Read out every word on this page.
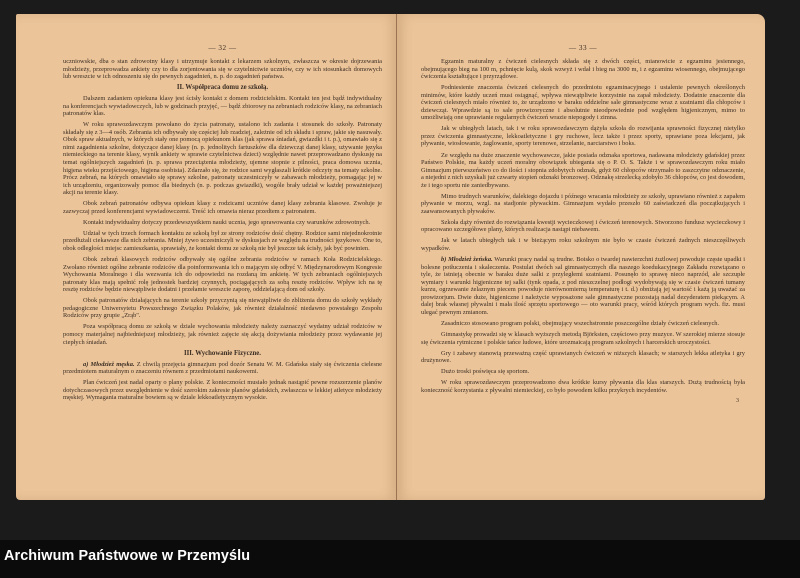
— 32 —

uczniowskie, dba o stan zdrowotny klasy i utrzymuje kontakt z lekarzem szkolnym, zwłaszcza w okresie dojrzewania młodzieży, przeprowadza ankiety czy to dla zorjentowania się w czytelnictwie uczniów, czy w ich stosunkach domowych lub wreszcie w ich odnoszeniu się do pewnych zagadnień, n. p. do zagadnień państwa.

II. Współpraca domu ze szkołą.

Dalszem zadaniem opiekuna klasy jest ścisły kontakt z domem rodzicielskim. Kontakt ten jest bądź indywidualny na konferencjach wywiadowczych, lub w godzinach przyjęć, — bądź zbiorowy na zebraniach rodziców klasy, na zebraniach patronatów klas.

W roku sprawozdawczym powołano do życia patronaty, ustalono ich zadania i stosunek do szkoły. Patronaty składały się z 3—4 osób. Zebrania ich odbywały się częściej lub rzadziej, zależnie od ich składu i spraw, jakie się nasuwały. Obok spraw aktualnych, w których stały one pomocą opiekunom klas (jak sprawa śniadań, gwiazdki i t. p.), omawiało się z nimi zagadnienia szkolne, dotyczące danej klasy (n. p. jednolitych fartuszków dla dziewcząt danej klasy, używanie języka niemieckiego na terenie klasy, wynik ankiety w sprawie czytelnictwa dzieci) względnie nawet przeprowadzano dyskusję na temat ogólniejszych zagadnień (n. p. sprawa przeciążenia młodzieży, ujemne stopnie z pilności, praca domowa ucznia, higjena wieku przejściowego, higjena osobista). Zdarzało się, że rodzice sami wygłaszali krótkie odczyty na tematy szkolne. Prócz zebrań, na których omawiało się sprawy szkolne, patronaty uczestniczyły w zabawach młodzieży, pomagając jej w ich urządzeniu, organizowały pomoc dla biednych (n. p. podczas gwiazdki), wogóle brały udział w każdej poważniejszej akcji na terenie klasy.

Obok zebrań patronatów odbywa opiekun klasy z rodzicami uczniów danej klasy zebrania klasowe. Zwołuje je zazwyczaj przed konferencjami wywiadowczemi. Treść ich omawia nieraz przedtem z patronatem.

Kontakt indywidualny dotyczy przedewszystkiem nauki ucznia, jego sprawowania czy warunków zdrowotnych.

Udział w tych trzech formach kontaktu ze szkołą był ze strony rodziców dość chętny. Rodzice sami niejednokrotnie przedłużali ciekawsze dla nich zebrania. Mniej żywo uczestniczyli w dyskusjach ze względu na trudności językowe. One to, obok odległości miejsc zamieszkania, sprawiały, że kontakt domu ze szkołą nie był jeszcze tak ścisły, jak być powinien.

Obok zebrań klasowych rodziców odbywały się ogólne zebrania rodziców w ramach Koła Rodzicielskiego. Zwołano również ogólne zebranie rodziców dla poinformowania ich o mającym się odbyć V. Międzynarodowym Kongresie Wychowania Moralnego i dla wezwania ich do odpowiedzi na rozdaną im ankietę. W tych zebraniach ogólniejszych patronaty klas mają spełnić rolę jednostek bardziej czynnych, pociągających za sobą resztę rodziców. Wpływ ich na tę resztę rodziców będzie niewątpliwie dodatni i przełamie wreszcie zaporę, oddzielającą dom od szkoły.

Obok patronatów działających na terenie szkoły przyczynią się niewątpliwie do zbliżenia domu do szkoły wykłady pedagogiczne Uniwersytetu Powszechnego Związku Polaków, jak również działalność niedawno powstałego Zespołu Rodziców przy grupie „Zrąb".

Poza współpracą domu ze szkołą w dziale wychowania młodzieży należy zaznaczyć wydatny udział rodziców w pomocy materjalnej najbiedniejszej młodzieży, jak również zajęcie się akcją dożywiania młodzieży przez wydawanie jej ciepłych śniadań.

III. Wychowanie Fizyczne.

a) Młodzież męska. Z chwilą przejęcia gimnazjum pod dozór Senatu W. M. Gdańska stały się ćwiczenia cielesne przedmiotem maturalnym o znaczeniu równem z przedmiotami naukowemi.

Plan ćwiczeń jest nadal oparty o plany polskie. Z konieczności musiało jednak nastąpić pewne rozszerzenie planów dotychczasowych przez uwzględnienie w dość szerokim zakresie planów gdańskich, zwłaszcza w lekkiej atletyce młodzieży męskiej. Wymagania maturalne bowiem są w dziale lekkoatletycznym wysokie.

— 33 —

Egzamin maturalny z ćwiczeń cielesnych składa się z dwóch części, mianowicie z egzaminu jesiennego, obejmującego bieg na 100 m, pchnięcie kulą, skok wzwyż i wdał i bieg na 3000 m, i z egzaminu wiosennego, obejmującego ćwiczenia kształtujące i przyrządowe.

Podniesienie znaczenia ćwiczeń cielesnych do przedmiotu egzaminacyjnego i ustalenie pewnych określonych minimów, które każdy uczeń musi osiągnąć, wpływa niewątpliwie korzystnie na zapał młodzieży. Dodatnie znaczenie dla ćwiczeń cielesnych miało również to, że urządzono w baraku oddzielne sale gimnastyczne wraz z szatniami dla chłopców i dziewcząt. Wprawdzie są to sale prowizoryczne i absolutnie nieodpowiednie pod względem higjenicznym, mimo to umożliwiają one uprawianie regularnych ćwiczeń wrazie niepogody i zimna.

Jak w ubiegłych latach, tak i w roku sprawozdawczym dążyła szkoła do rozwijania sprawności fizycznej nietylko przez ćwiczenia gimnastyczne, lekkoatletyczne i gry ruchowe, lecz także i przez sporty, uprawiane poza lekcjami, jak pływanie, wiosłowanie, żaglowanie, sporty terenowe, strzelanie, narciarstwo i boks.

Ze względu na duże znaczenie wychowawcze, jakie posiada odznaka sportowa, nadawana młodzieży gdańskiej przez Państwo Polskie, ma każdy uczeń moralny obowiązek ubiegania się o P. O. S. Także i w sprawozdawczym roku miało Gimnazjum pierwszeństwo co do ilości i stopnia zdobytych odznak, gdyż 60 chłopców otrzymało to zaszczytne odznaczenie, a niejedni z nich uzyskali już czwarty stopień odznaki bronzowej. Odznakę strzelecką zdobyło 36 chłopców, co jest dowodem, że i tego sportu nie zaniedbywano.

Mimo trudnych warunków, dalekiego dojazdu i późnego wracania młodzieży ze szkoły, uprawiano również z zapałem pływanie w morzu, wzgl. na stadjonie pływackim. Gimnazjum wydało przeszło 60 zaświadczeń dla początkujących i zaawansowanych pływaków.

Szkoła dąży również do rozwiązania kwestji wycieczkowej i ćwiczeń terenowych. Stworzono fundusz wycieczkowy i opracowano szczegółowe plany, których realizacja nastąpi niebawem.

Jak w latach ubiegłych tak i w bieżącym roku szkolnym nie było w czasie ćwiczeń żadnych nieszczęśliwych wypadków.

b) Młodzież żeńska. Warunki pracy nadal są trudne. Boisko o twardej nawierzchni żużlowej powoduje częste upadki i bolesne potłuczenia i skaleczenia. Postulat dwóch sal gimnastycznych dla naszego koedukacyjnego Zakładu rozwiązano o tyle, że istnieją obecnie w baraku duże salki z przyległemi szatniami. Posunęło to sprawę nieco naprzód, ale szczupłe wymiary i warunki higjeniczne tej salki (tynk opada, z pod nieszczelnej podłogi wydobywają się w czasie ćwiczeń tumany kurzu, ogrzewanie żelaznym piecem powoduje nierównomierną temperaturę i t. d.) obniżają jej wartość i każą ją uważać za prowizorjum. Dwie duże, higjeniczne i należycie wyposażone sale gimnastyczne pozostają nadal dezyderatem piekącym. A dalej brak własnej pływalni i mała ilość sprzętu sportowego — oto warunki pracy, wśród których program wych. fiz. musi ulegać pewnym zmianom.

Zasadniczo stosowano program polski, obejmujący wszechstronnie poszczególne działy ćwiczeń cielesnych.

Gimnastykę prowadzi się w klasach wyższych metodą Björksten, częściowo przy muzyce. W szerokiej mierze stosuje się ćwiczenia rytmiczne i polskie tańce ludowe, które urozmaicają program szkolnych i harcerskich uroczystości.

Gry i zabawy stanowią przeważną część uprawianych ćwiczeń w niższych klasach; w starszych lekka atletyka i gry drużynowe.

Dużo troski poświęca się sportom.

W roku sprawozdawczym przeprowadzono dwa krótkie kursy pływania dla klas starszych. Dużą trudnością była konieczność korzystania z pływalni niemieckiej, co było powodem kilku przykrych incydentów.

3
Archiwum Państwowe w Przemyślu
